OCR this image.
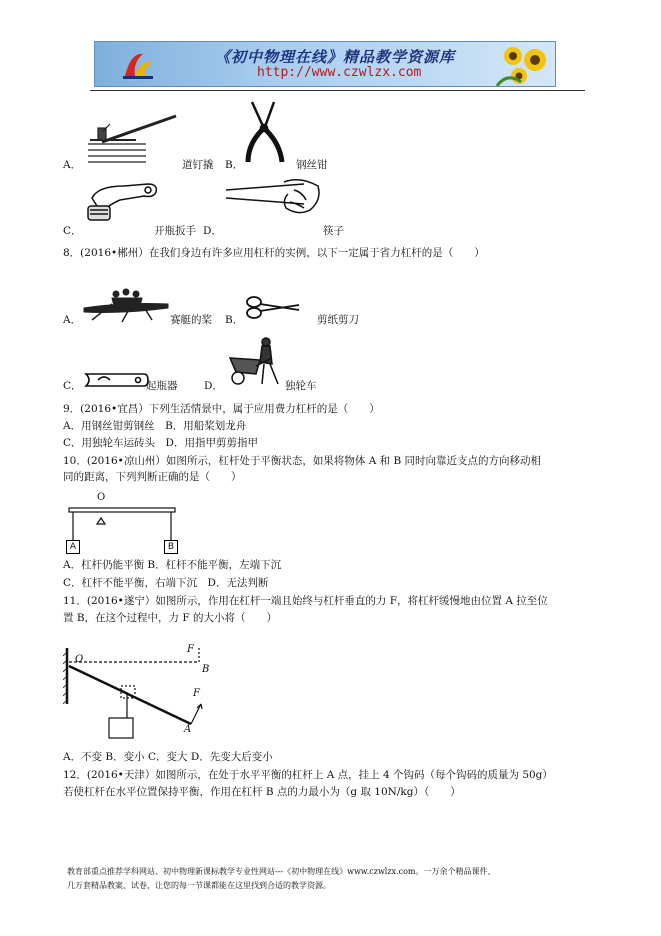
《初中物理在线》精品教学资源库
http://www.czwlzx.com
A．	道钉撬 B．	钢丝钳
C．	开瓶扳手 D．	筷子
8．(2016•郴州）在我们身边有许多应用杠杆的实例，以下一定属于省力杠杆的是（　　）
A．	赛艇的桨 B．	剪纸剪刀
C．	起瓶器	D．	独轮车
9．(2016•宜昌）下列生活情景中，属于应用费力杠杆的是（　　）
A．用钢丝钳剪钢丝　B．用船桨划龙舟
C．用独轮车运砖头　D．用指甲剪剪指甲
10．(2016•凉山州）如图所示，杠杆处于平衡状态，如果将物体 A 和 B 同时向靠近支点的方向移动相
同的距离，下列判断正确的是（　　）
O
A	B
A．杠杆仍能平衡 B．杠杆不能平衡，左端下沉
C．杠杆不能平衡，右端下沉　D．无法判断
11．(2016•遂宁）如图所示，作用在杠杆一端且始终与杠杆垂直的力 F，将杠杆缓慢地由位置 A 拉至位
置 B，在这个过程中，力 F 的大小将（　　）
O
F
B
F
A
A．不变 B．变小 C．变大 D．先变大后变小
12．(2016•天津）如图所示，在处于水平平衡的杠杆上 A 点，挂上 4 个钩码（每个钩码的质量为 50g）
若使杠杆在水平位置保持平衡，作用在杠杆 B 点的力最小为（g 取 10N/kg）（　　）
教育部重点推荐学科网站、初中物理新课标教学专业性网站---《初中物理在线》www.czwlzx.com。一万余个精品课件、
几万套精品教案、试卷，让您的每一节课都能在这里找到合适的教学资源。
